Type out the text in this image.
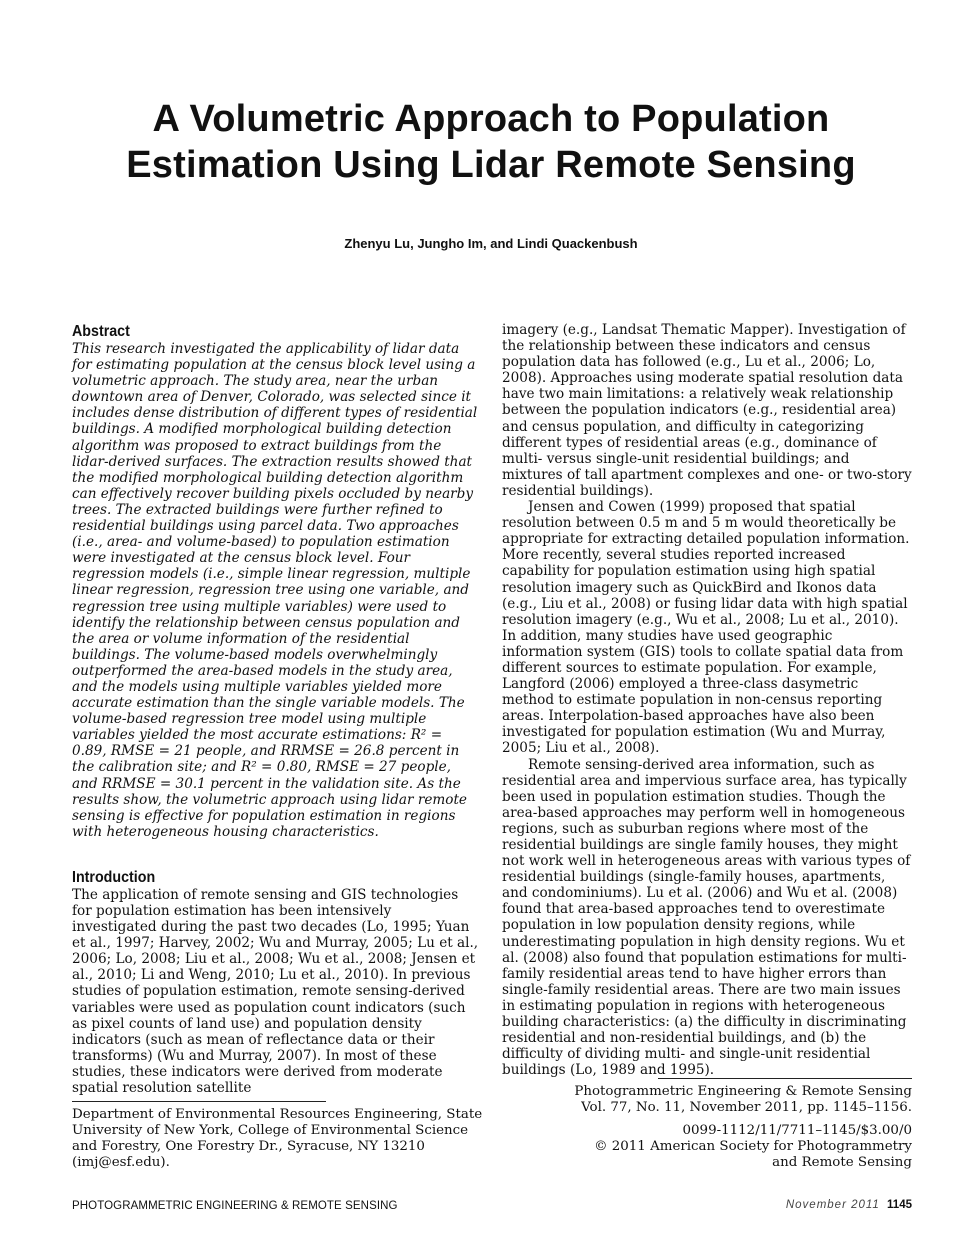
A Volumetric Approach to Population
Estimation Using Lidar Remote Sensing
Zhenyu Lu, Jungho Im, and Lindi Quackenbush
Abstract

This research investigated the applicability of lidar data for estimating population at the census block level using a volumetric approach. The study area, near the urban downtown area of Denver, Colorado, was selected since it includes dense distribution of different types of residential buildings. A modified morphological building detection algorithm was proposed to extract buildings from the lidar-derived surfaces. The extraction results showed that the modified morphological building detection algorithm can effectively recover building pixels occluded by nearby trees. The extracted buildings were further refined to residential buildings using parcel data. Two approaches (i.e., area- and volume-based) to population estimation were investigated at the census block level. Four regression models (i.e., simple linear regression, multiple linear regression, regression tree using one variable, and regression tree using multiple variables) were used to identify the relationship between census population and the area or volume information of the residential buildings. The volume-based models overwhelmingly outperformed the area-based models in the study area, and the models using multiple variables yielded more accurate estimation than the single variable models. The volume-based regression tree model using multiple variables yielded the most accurate estimations: R² = 0.89, RMSE = 21 people, and RRMSE = 26.8 percent in the calibration site; and R² = 0.80, RMSE = 27 people, and RRMSE = 30.1 percent in the validation site. As the results show, the volumetric approach using lidar remote sensing is effective for population estimation in regions with heterogeneous housing characteristics.

Introduction

The application of remote sensing and GIS technologies for population estimation has been intensively investigated during the past two decades (Lo, 1995; Yuan et al., 1997; Harvey, 2002; Wu and Murray, 2005; Lu et al., 2006; Lo, 2008; Liu et al., 2008; Wu et al., 2008; Jensen et al., 2010; Li and Weng, 2010; Lu et al., 2010). In previous studies of population estimation, remote sensing-derived variables were used as population count indicators (such as pixel counts of land use) and population density indicators (such as mean of reflectance data or their transforms) (Wu and Murray, 2007). In most of these studies, these indicators were derived from moderate spatial resolution satellite

imagery (e.g., Landsat Thematic Mapper). Investigation of the relationship between these indicators and census population data has followed (e.g., Lu et al., 2006; Lo, 2008). Approaches using moderate spatial resolution data have two main limitations: a relatively weak relationship between the population indicators (e.g., residential area) and census population, and difficulty in categorizing different types of residential areas (e.g., dominance of multi- versus single-unit residential buildings; and mixtures of tall apartment complexes and one- or two-story residential buildings).

Jensen and Cowen (1999) proposed that spatial resolution between 0.5 m and 5 m would theoretically be appropriate for extracting detailed population information. More recently, several studies reported increased capability for population estimation using high spatial resolution imagery such as QuickBird and Ikonos data (e.g., Liu et al., 2008) or fusing lidar data with high spatial resolution imagery (e.g., Wu et al., 2008; Lu et al., 2010). In addition, many studies have used geographic information system (GIS) tools to collate spatial data from different sources to estimate population. For example, Langford (2006) employed a three-class dasymetric method to estimate population in non-census reporting areas. Interpolation-based approaches have also been investigated for population estimation (Wu and Murray, 2005; Liu et al., 2008).

Remote sensing-derived area information, such as residential area and impervious surface area, has typically been used in population estimation studies. Though the area-based approaches may perform well in homogeneous regions, such as suburban regions where most of the residential buildings are single family houses, they might not work well in heterogeneous areas with various types of residential buildings (single-family houses, apartments, and condominiums). Lu et al. (2006) and Wu et al. (2008) found that area-based approaches tend to overestimate population in low population density regions, while underestimating population in high density regions. Wu et al. (2008) also found that population estimations for multi-family residential areas tend to have higher errors than single-family residential areas. There are two main issues in estimating population in regions with heterogeneous building characteristics: (a) the difficulty in discriminating residential and non-residential buildings, and (b) the difficulty of dividing multi- and single-unit residential buildings (Lo, 1989 and 1995).

Department of Environmental Resources Engineering, State University of New York, College of Environmental Science and Forestry, One Forestry Dr., Syracuse, NY 13210 (imj@esf.edu).

Photogrammetric Engineering & Remote Sensing
Vol. 77, No. 11, November 2011, pp. 1145–1156.
0099-1112/11/7711–1145/$3.00/0
© 2011 American Society for Photogrammetry
and Remote Sensing
PHOTOGRAMMETRIC ENGINEERING & REMOTE SENSING	November 2011 1145
